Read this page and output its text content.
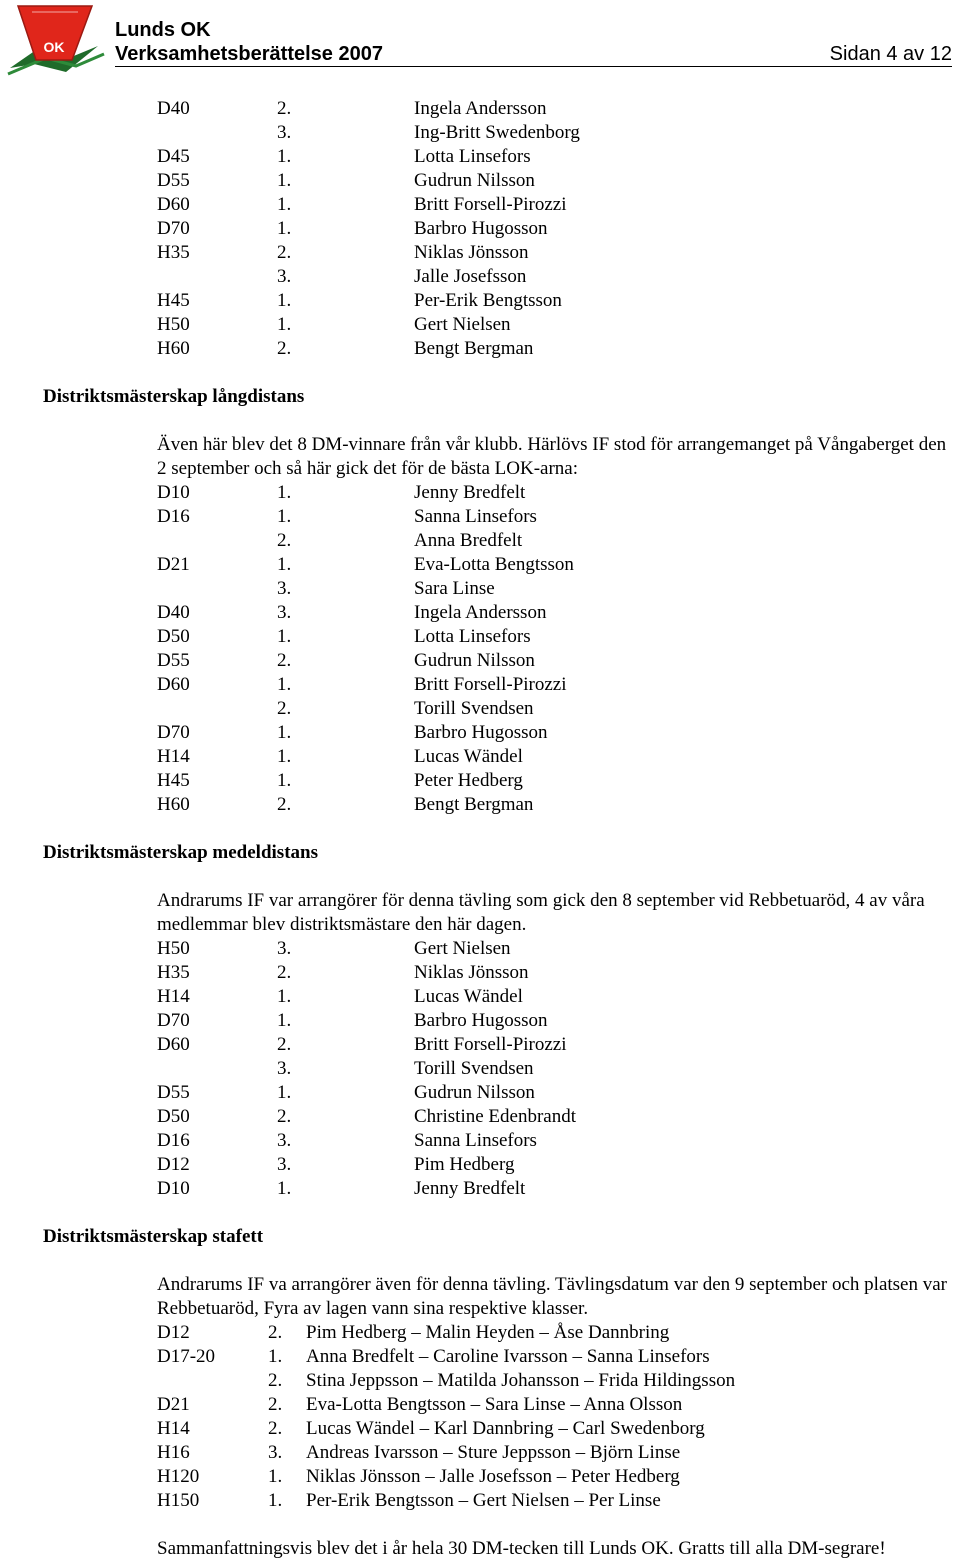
OK
Lunds OK
Verksamhetsberättelse 2007	Sidan 4 av 12
D40	2.	Ingela Andersson
3.	Ing-Britt Swedenborg
D45	1.	Lotta Linsefors
D55	1.	Gudrun Nilsson
D60	1.	Britt Forsell-Pirozzi
D70	1.	Barbro Hugosson
H35	2.	Niklas Jönsson
3.	Jalle Josefsson
H45	1.	Per-Erik Bengtsson
H50	1.	Gert Nielsen
H60	2.	Bengt Bergman
Distriktsmästerskap långdistans
Även här blev det 8 DM-vinnare från vår klubb. Härlövs IF stod för arrangemanget på Vångaberget den 2 september och så här gick det för de bästa LOK-arna:
D10	1.	Jenny Bredfelt
D16	1.	Sanna Linsefors
2.	Anna Bredfelt
D21	1.	Eva-Lotta Bengtsson
3.	Sara Linse
D40	3.	Ingela Andersson
D50	1.	Lotta Linsefors
D55	2.	Gudrun Nilsson
D60	1.	Britt Forsell-Pirozzi
2.	Torill Svendsen
D70	1.	Barbro Hugosson
H14	1.	Lucas Wändel
H45	1.	Peter Hedberg
H60	2.	Bengt Bergman
Distriktsmästerskap medeldistans
Andrarums IF var arrangörer för denna tävling som gick den 8 september vid Rebbetuaröd, 4 av våra medlemmar blev distriktsmästare den här dagen.
H50	3.	Gert Nielsen
H35	2.	Niklas Jönsson
H14	1.	Lucas Wändel
D70	1.	Barbro Hugosson
D60	2.	Britt Forsell-Pirozzi
3.	Torill Svendsen
D55	1.	Gudrun Nilsson
D50	2.	Christine Edenbrandt
D16	3.	Sanna Linsefors
D12	3.	Pim Hedberg
D10	1.	Jenny Bredfelt
Distriktsmästerskap stafett
Andrarums IF va arrangörer även för denna tävling. Tävlingsdatum var den 9 september och platsen var Rebbetuaröd, Fyra av lagen vann sina respektive klasser.
D12	2. Pim Hedberg – Malin Heyden – Åse Dannbring
D17-20	1. Anna Bredfelt – Caroline Ivarsson – Sanna Linsefors
2. Stina Jeppsson – Matilda Johansson – Frida Hildingsson
D21	2. Eva-Lotta Bengtsson – Sara Linse – Anna Olsson
H14	2. Lucas Wändel – Karl Dannbring – Carl Swedenborg
H16	3. Andreas Ivarsson – Sture Jeppsson – Björn Linse
H120	1. Niklas Jönsson – Jalle Josefsson – Peter Hedberg
H150	1. Per-Erik Bengtsson – Gert Nielsen – Per Linse
Sammanfattningsvis blev det i år hela 30 DM-tecken till Lunds OK. Gratts till alla DM-segrare!
